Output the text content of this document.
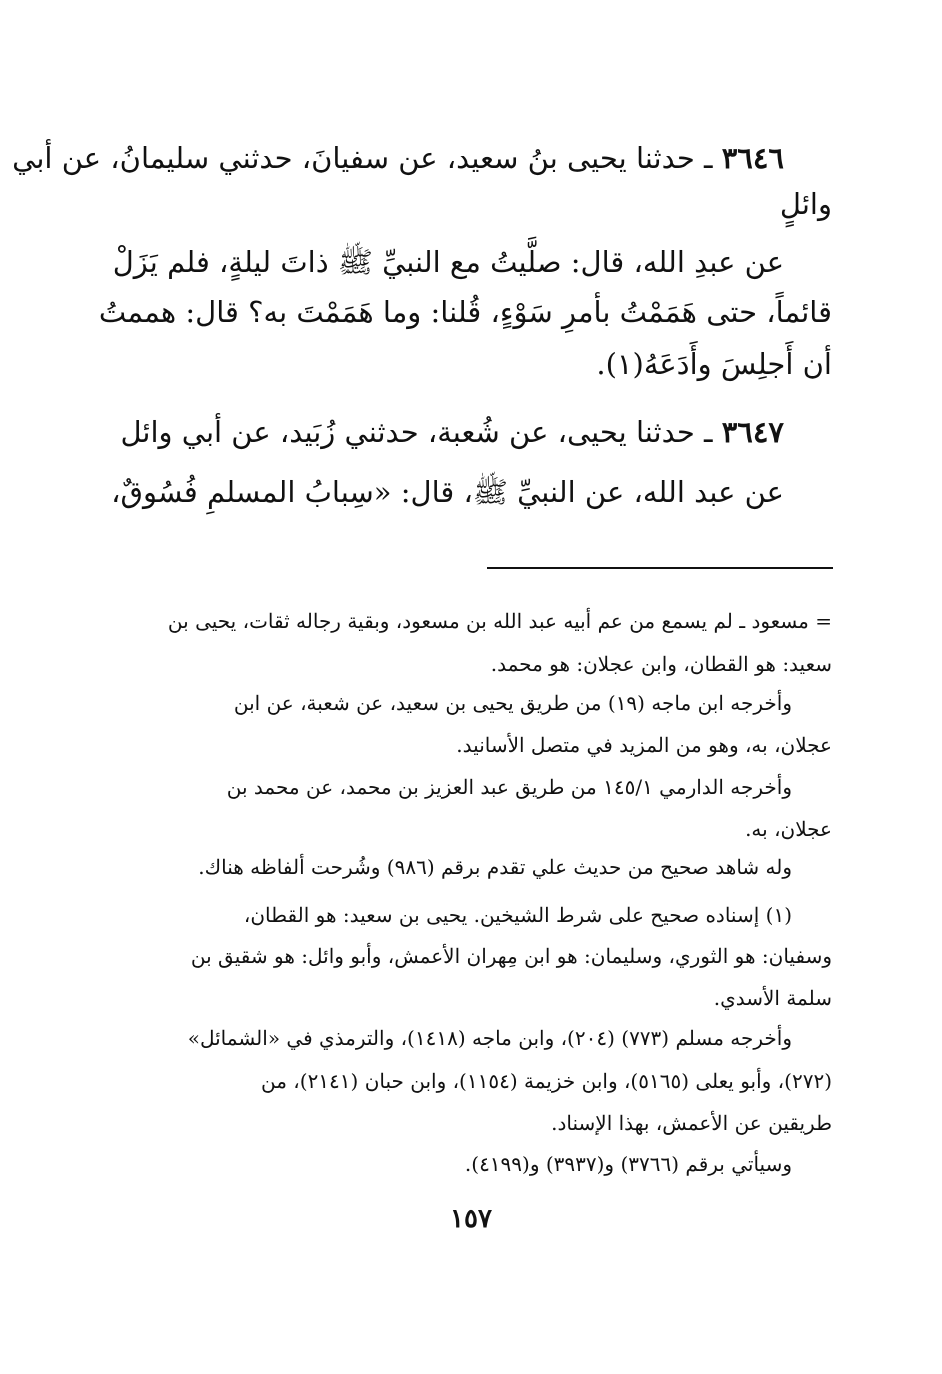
٣٦٤٦ ـ حدثنا يحيى بنُ سعيد، عن سفيانَ، حدثني سليمانُ، عن أبي
وائلٍ
عن عبدِ الله، قال: صلَّيتُ مع النبيِّ ﷺ ذاتَ ليلةٍ، فلم يَزَلْ
قائماً، حتى هَمَمْتُ بأمرِ سَوْءٍ، قُلنا: وما هَمَمْتَ به؟ قال: هممتُ
أن أَجلِسَ وأَدَعَهُ(١).
٣٦٤٧ ـ حدثنا يحيى، عن شُعبة، حدثني زُبَيد، عن أبي وائل
عن عبد الله، عن النبيِّ ﷺ، قال: «سِبابُ المسلمِ فُسُوقٌ،
= مسعود ـ لم يسمع من عم أبيه عبد الله بن مسعود، وبقية رجاله ثقات، يحيى بن
سعيد: هو القطان، وابن عجلان: هو محمد.
وأخرجه ابن ماجه (١٩) من طريق يحيى بن سعيد، عن شعبة، عن ابن
عجلان، به، وهو من المزيد في متصل الأسانيد.
وأخرجه الدارمي ١٤٥/١ من طريق عبد العزيز بن محمد، عن محمد بن
عجلان، به.
وله شاهد صحيح من حديث علي تقدم برقم (٩٨٦) وشُرحت ألفاظه هناك.
(١) إسناده صحيح على شرط الشيخين. يحيى بن سعيد: هو القطان،
وسفيان: هو الثوري، وسليمان: هو ابن مِهران الأعمش، وأبو وائل: هو شقيق بن
سلمة الأسدي.
وأخرجه مسلم (٧٧٣) (٢٠٤)، وابن ماجه (١٤١٨)، والترمذي في «الشمائل»
(٢٧٢)، وأبو يعلى (٥١٦٥)، وابن خزيمة (١١٥٤)، وابن حبان (٢١٤١)، من
طريقين عن الأعمش، بهذا الإسناد.
وسيأتي برقم (٣٧٦٦) و(٣٩٣٧) و(٤١٩٩).
١٥٧
